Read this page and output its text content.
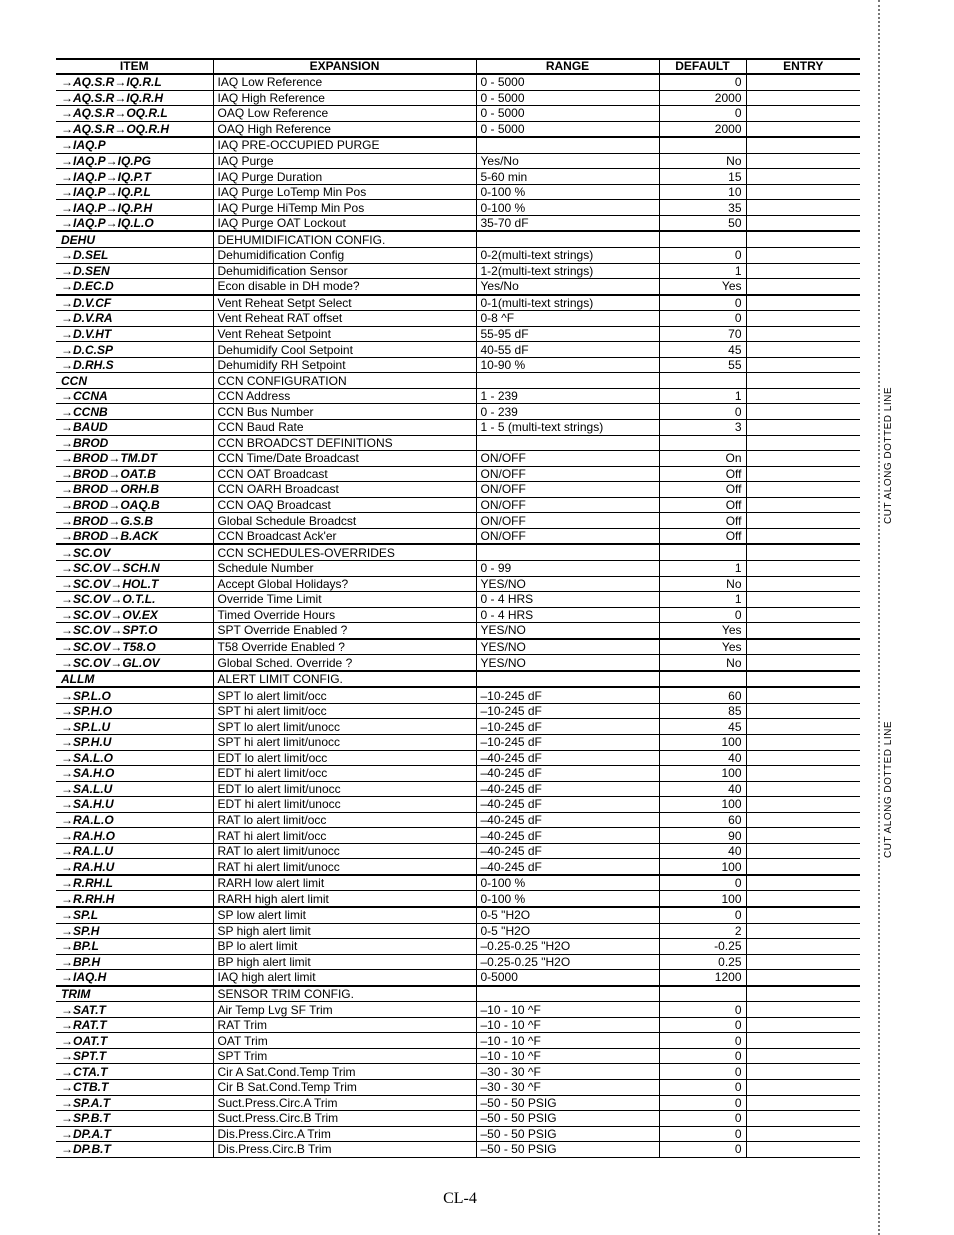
ITEM	EXPANSION	RANGE	DEFAULT	ENTRY
→AQ.S.R→IQ.R.L	IAQ Low Reference	0 - 5000	0	
→AQ.S.R→IQ.R.H	IAQ High Reference	0 - 5000	2000	
→AQ.S.R→OQ.R.L	OAQ Low Reference	0 - 5000	0	
→AQ.S.R→OQ.R.H	OAQ High Reference	0 - 5000	2000	
→IAQ.P	IAQ PRE-OCCUPIED PURGE			
→IAQ.P→IQ.PG	IAQ Purge	Yes/No	No	
→IAQ.P→IQ.P.T	IAQ Purge Duration	5-60 min	15	
→IAQ.P→IQ.P.L	IAQ Purge LoTemp Min Pos	0-100 %	10	
→IAQ.P→IQ.P.H	IAQ Purge HiTemp Min Pos	0-100 %	35	
→IAQ.P→IQ.L.O	IAQ Purge OAT Lockout	35-70 dF	50	
DEHU	DEHUMIDIFICATION CONFIG.			
→D.SEL	Dehumidification Config	0-2(multi-text strings)	0	
→D.SEN	Dehumidification Sensor	1-2(multi-text strings)	1	
→D.EC.D	Econ disable in DH mode?	Yes/No	Yes	
→D.V.CF	Vent Reheat Setpt Select	0-1(multi-text strings)	0	
→D.V.RA	Vent Reheat RAT offset	0-8 ^F	0	
→D.V.HT	Vent Reheat Setpoint	55-95 dF	70	
→D.C.SP	Dehumidify Cool Setpoint	40-55 dF	45	
→D.RH.S	Dehumidify RH Setpoint	10-90 %	55	
CCN	CCN CONFIGURATION			
→CCNA	CCN Address	1 - 239	1	
→CCNB	CCN Bus Number	0 - 239	0	
→BAUD	CCN Baud Rate	1 - 5 (multi-text strings)	3	
→BROD	CCN BROADCST DEFINITIONS			
→BROD→TM.DT	CCN Time/Date Broadcast	ON/OFF	On	
→BROD→OAT.B	CCN OAT Broadcast	ON/OFF	Off	
→BROD→ORH.B	CCN OARH Broadcast	ON/OFF	Off	
→BROD→OAQ.B	CCN OAQ Broadcast	ON/OFF	Off	
→BROD→G.S.B	Global Schedule Broadcst	ON/OFF	Off	
→BROD→B.ACK	CCN Broadcast Ack'er	ON/OFF	Off	
→SC.OV	CCN SCHEDULES-OVERRIDES			
→SC.OV→SCH.N	Schedule Number	0 - 99	1	
→SC.OV→HOL.T	Accept Global Holidays?	YES/NO	No	
→SC.OV→O.T.L.	Override Time Limit	0 - 4 HRS	1	
→SC.OV→OV.EX	Timed Override Hours	0 - 4 HRS	0	
→SC.OV→SPT.O	SPT Override Enabled ?	YES/NO	Yes	
→SC.OV→T58.O	T58 Override Enabled ?	YES/NO	Yes	
→SC.OV→GL.OV	Global Sched. Override ?	YES/NO	No	
ALLM	ALERT LIMIT CONFIG.			
→SP.L.O	SPT lo alert limit/occ	–10-245 dF	60	
→SP.H.O	SPT hi alert limit/occ	–10-245 dF	85	
→SP.L.U	SPT lo alert limit/unocc	–10-245 dF	45	
→SP.H.U	SPT hi alert limit/unocc	–10-245 dF	100	
→SA.L.O	EDT lo alert limit/occ	–40-245 dF	40	
→SA.H.O	EDT hi alert limit/occ	–40-245 dF	100	
→SA.L.U	EDT lo alert limit/unocc	–40-245 dF	40	
→SA.H.U	EDT hi alert limit/unocc	–40-245 dF	100	
→RA.L.O	RAT lo alert limit/occ	–40-245 dF	60	
→RA.H.O	RAT hi alert limit/occ	–40-245 dF	90	
→RA.L.U	RAT lo alert limit/unocc	–40-245 dF	40	
→RA.H.U	RAT hi alert limit/unocc	–40-245 dF	100	
→R.RH.L	RARH low alert limit	0-100 %	0	
→R.RH.H	RARH high alert limit	0-100 %	100	
→SP.L	SP low alert limit	0-5 "H2O	0	
→SP.H	SP high alert limit	0-5 "H2O	2	
→BP.L	BP lo alert limit	–0.25-0.25 "H2O	-0.25	
→BP.H	BP high alert limit	–0.25-0.25 "H2O	0.25	
→IAQ.H	IAQ high alert limit	0-5000	1200	
TRIM	SENSOR TRIM CONFIG.			
→SAT.T	Air Temp Lvg SF Trim	–10 - 10 ^F	0	
→RAT.T	RAT Trim	–10 - 10 ^F	0	
→OAT.T	OAT Trim	–10 - 10 ^F	0	
→SPT.T	SPT Trim	–10 - 10 ^F	0	
→CTA.T	Cir A Sat.Cond.Temp Trim	–30 - 30 ^F	0	
→CTB.T	Cir B Sat.Cond.Temp Trim	–30 - 30 ^F	0	
→SP.A.T	Suct.Press.Circ.A Trim	–50 - 50 PSIG	0	
→SP.B.T	Suct.Press.Circ.B Trim	–50 - 50 PSIG	0	
→DP.A.T	Dis.Press.Circ.A Trim	–50 - 50 PSIG	0	
→DP.B.T	Dis.Press.Circ.B Trim	–50 - 50 PSIG	0	
CL-4
CUT ALONG DOTTED LINE
CUT ALONG DOTTED LINE
